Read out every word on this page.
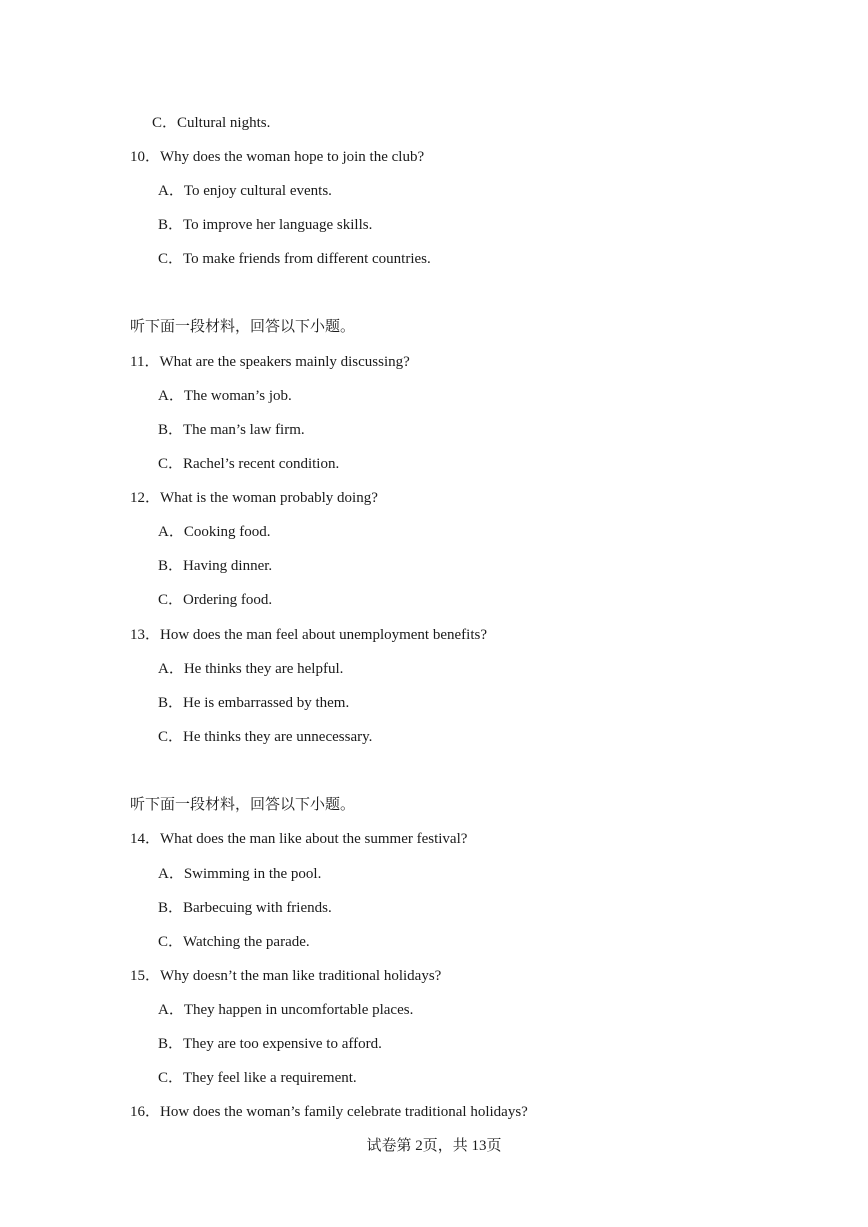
C．Cultural nights.
10．Why does the woman hope to join the club?
A．To enjoy cultural events.
B．To improve her language skills.
C．To make friends from different countries.
听下面一段材料，回答以下小题。
11．What are the speakers mainly discussing?
A．The woman’s job.
B．The man’s law firm.
C．Rachel’s recent condition.
12．What is the woman probably doing?
A．Cooking food.
B．Having dinner.
C．Ordering food.
13．How does the man feel about unemployment benefits?
A．He thinks they are helpful.
B．He is embarrassed by them.
C．He thinks they are unnecessary.
听下面一段材料，回答以下小题。
14．What does the man like about the summer festival?
A．Swimming in the pool.
B．Barbecuing with friends.
C．Watching the parade.
15．Why doesn’t the man like traditional holidays?
A．They happen in uncomfortable places.
B．They are too expensive to afford.
C．They feel like a requirement.
16．How does the woman’s family celebrate traditional holidays?
试卷第 2页，共 13页
